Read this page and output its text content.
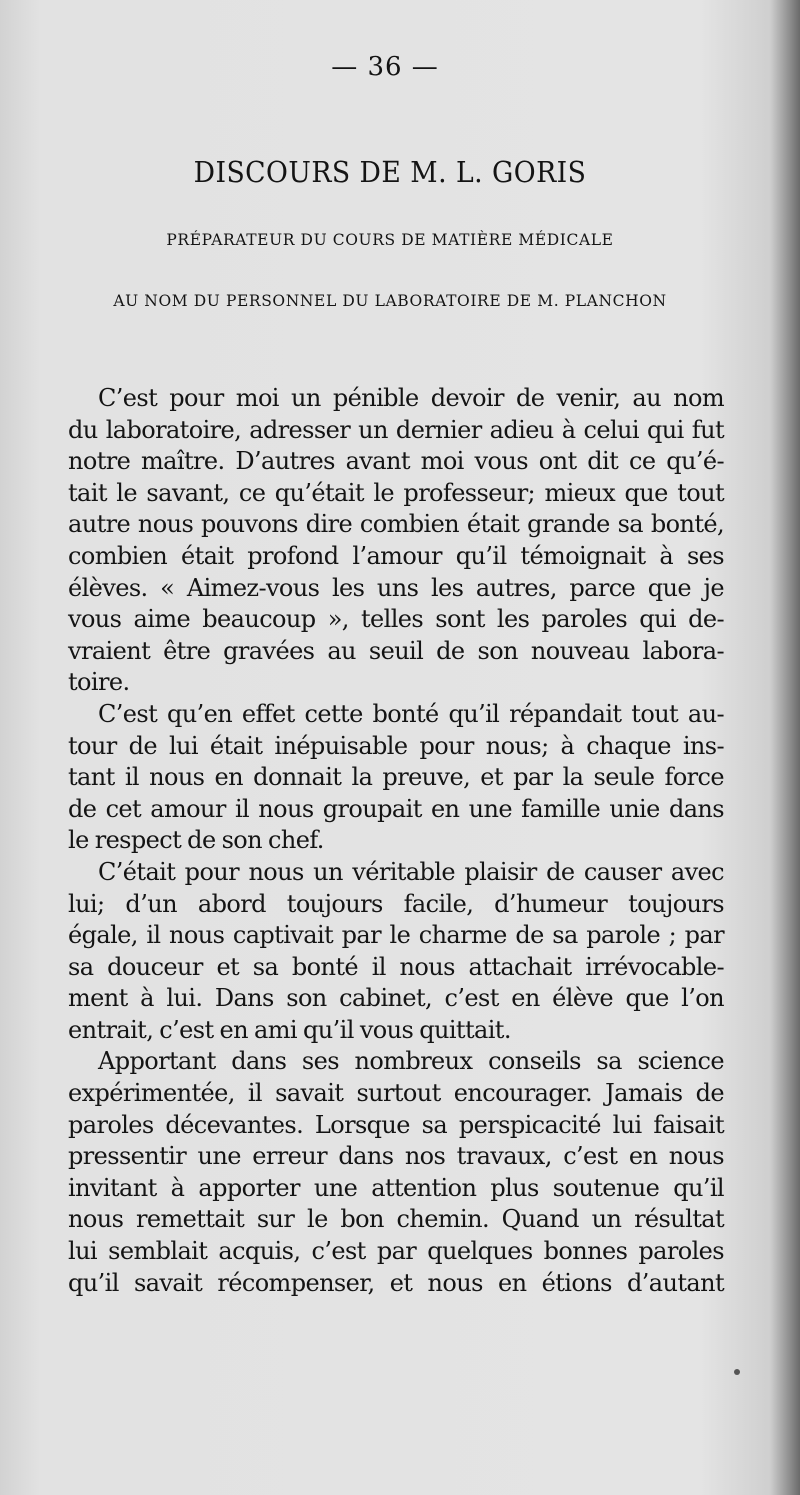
— 36 —
DISCOURS DE M. L. GORIS
PRÉPARATEUR DU COURS DE MATIÈRE MÉDICALE
AU NOM DU PERSONNEL DU LABORATOIRE DE M. PLANCHON
C’est pour moi un pénible devoir de venir, au nom
du laboratoire, adresser un dernier adieu à celui qui fut
notre maître. D’autres avant moi vous ont dit ce qu’é-
tait le savant, ce qu’était le professeur; mieux que tout
autre nous pouvons dire combien était grande sa bonté,
combien était profond l’amour qu’il témoignait à ses
élèves. « Aimez-vous les uns les autres, parce que je
vous aime beaucoup », telles sont les paroles qui de-
vraient être gravées au seuil de son nouveau labora-
toire.
C’est qu’en effet cette bonté qu’il répandait tout au-
tour de lui était inépuisable pour nous; à chaque ins-
tant il nous en donnait la preuve, et par la seule force
de cet amour il nous groupait en une famille unie dans
le respect de son chef.
C’était pour nous un véritable plaisir de causer avec
lui; d’un abord toujours facile, d’humeur toujours
égale, il nous captivait par le charme de sa parole ; par
sa douceur et sa bonté il nous attachait irrévocable-
ment à lui. Dans son cabinet, c’est en élève que l’on
entrait, c’est en ami qu’il vous quittait.
Apportant dans ses nombreux conseils sa science
expérimentée, il savait surtout encourager. Jamais de
paroles décevantes. Lorsque sa perspicacité lui faisait
pressentir une erreur dans nos travaux, c’est en nous
invitant à apporter une attention plus soutenue qu’il
nous remettait sur le bon chemin. Quand un résultat
lui semblait acquis, c’est par quelques bonnes paroles
qu’il savait récompenser, et nous en étions d’autant
